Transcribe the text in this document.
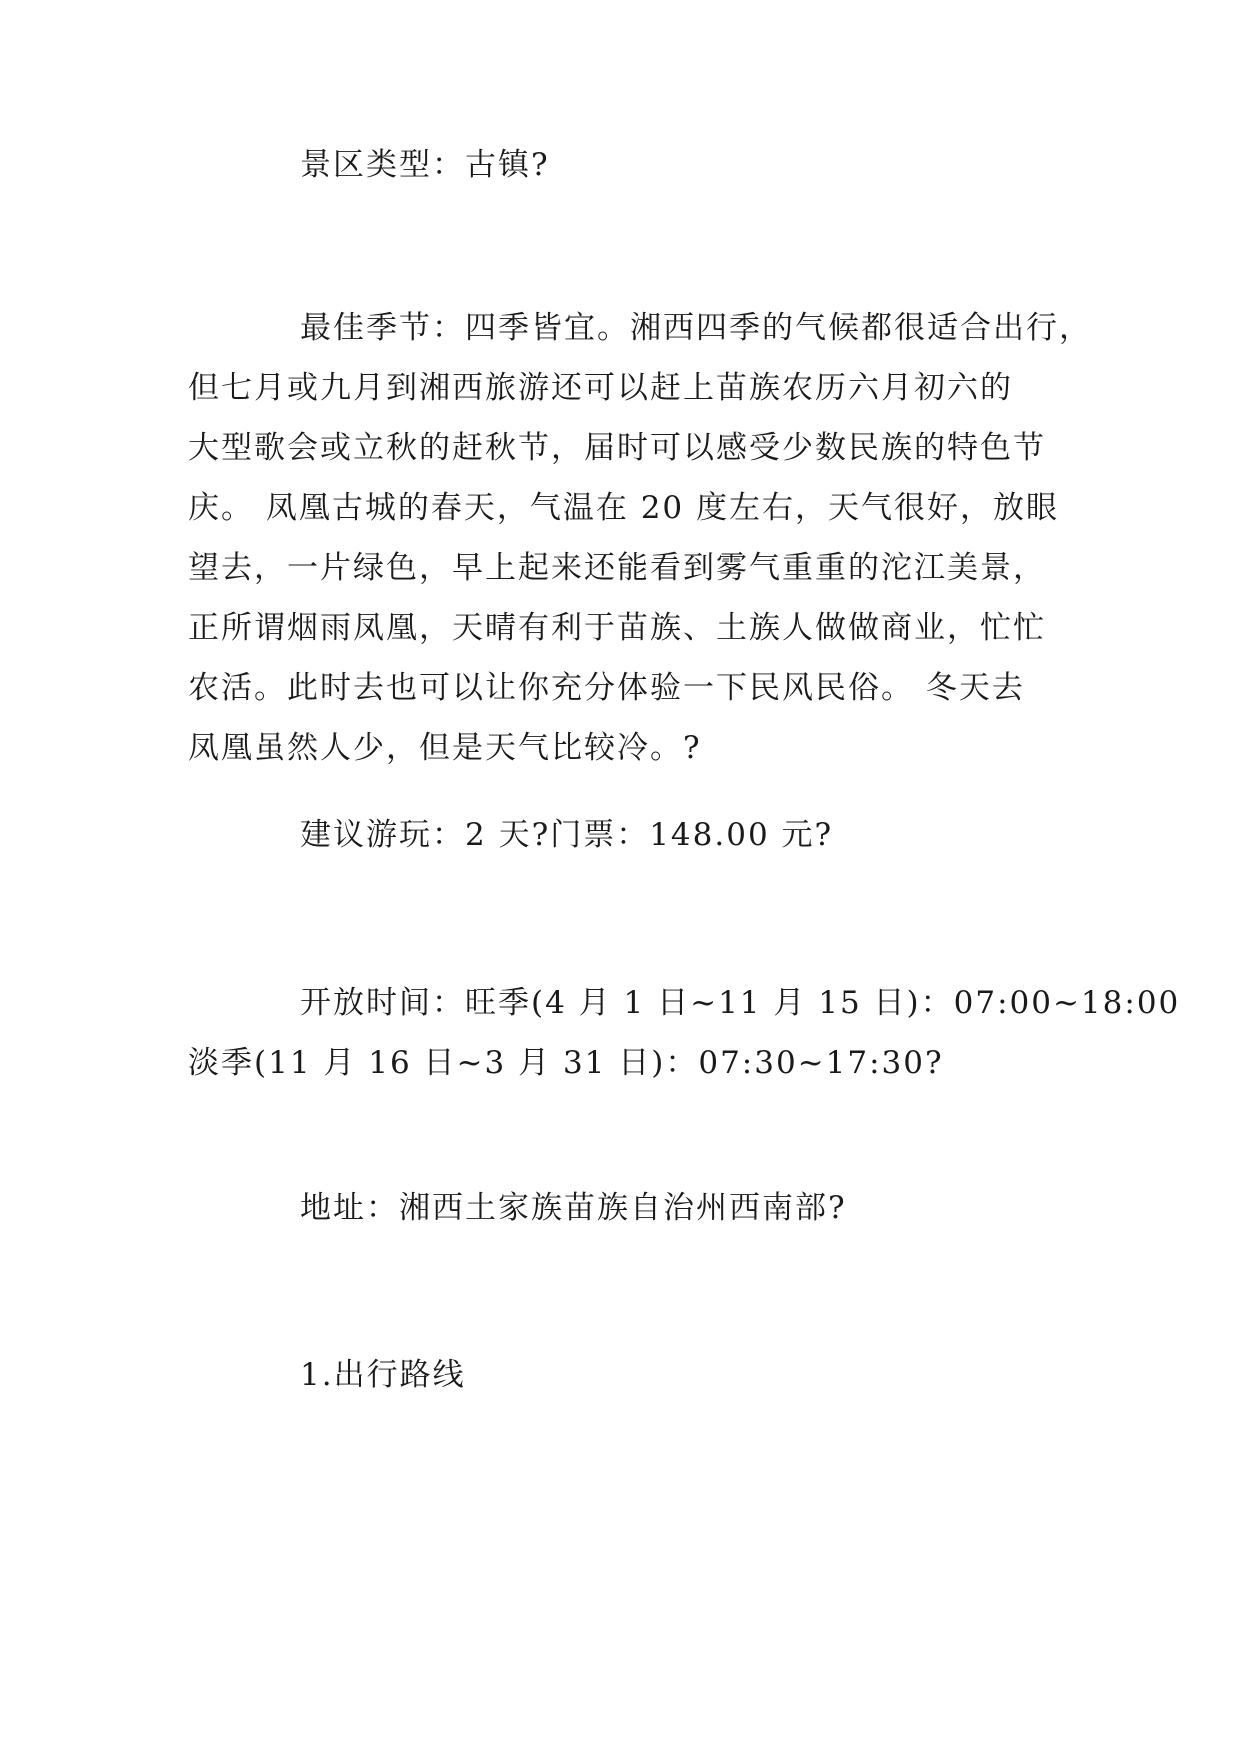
景区类型：古镇?

最佳季节：四季皆宜。湘西四季的气候都很适合出行，
但七月或九月到湘西旅游还可以赶上苗族农历六月初六的
大型歌会或立秋的赶秋节，届时可以感受少数民族的特色节
庆。 凤凰古城的春天，气温在 20 度左右，天气很好，放眼
望去，一片绿色，早上起来还能看到雾气重重的沱江美景，
正所谓烟雨凤凰，天晴有利于苗族、土族人做做商业，忙忙
农活。此时去也可以让你充分体验一下民风民俗。 冬天去
凤凰虽然人少，但是天气比较冷。?

建议游玩：2 天?门票：148.00 元?

开放时间：旺季(4 月 1 日~11 月 15 日)：07:00~18:00
淡季(11 月 16 日~3 月 31 日)：07:30~17:30?

地址：湘西土家族苗族自治州西南部?

1.出行路线
